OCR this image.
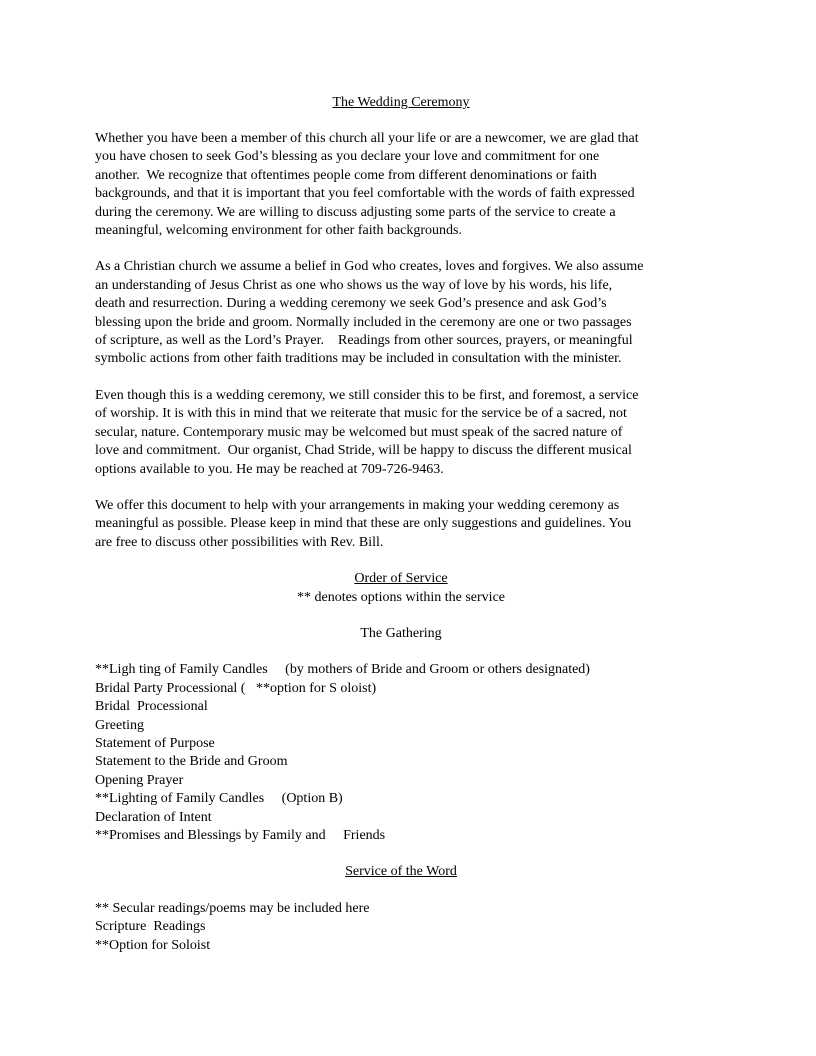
The Wedding Ceremony
Whether you have been a member of this church all your life or are a newcomer, we are glad that
you have chosen to seek God’s blessing as you declare your love and commitment for one
another.  We recognize that oftentimes people come from different denominations or faith
backgrounds, and that it is important that you feel comfortable with the words of faith expressed
during the ceremony. We are willing to discuss adjusting some parts of the service to create a
meaningful, welcoming environment for other faith backgrounds.
As a Christian church we assume a belief in God who creates, loves and forgives. We also assume
an understanding of Jesus Christ as one who shows us the way of love by his words, his life,
death and resurrection. During a wedding ceremony we seek God’s presence and ask God’s
blessing upon the bride and groom. Normally included in the ceremony are one or two passages
of scripture, as well as the Lord’s Prayer.    Readings from other sources, prayers, or meaningful
symbolic actions from other faith traditions may be included in consultation with the minister.
Even though this is a wedding ceremony, we still consider this to be first, and foremost, a service
of worship. It is with this in mind that we reiterate that music for the service be of a sacred, not
secular, nature. Contemporary music may be welcomed but must speak of the sacred nature of
love and commitment.  Our organist, Chad Stride, will be happy to discuss the different musical
options available to you. He may be reached at 709-726-9463.
We offer this document to help with your arrangements in making your wedding ceremony as
meaningful as possible. Please keep in mind that these are only suggestions and guidelines. You
are free to discuss other possibilities with Rev. Bill.
Order of Service
** denotes options within the service
The Gathering
**Ligh ting of Family Candles     (by mothers of Bride and Groom or others designated)
Bridal Party Processional (   **option for S oloist)
Bridal  Processional
Greeting
Statement of Purpose
Statement to the Bride and Groom
Opening Prayer
**Lighting of Family Candles     (Option B)
Declaration of Intent
**Promises and Blessings by Family and     Friends
Service of the Word
** Secular readings/poems may be included here
Scripture  Readings
**Option for Soloist
